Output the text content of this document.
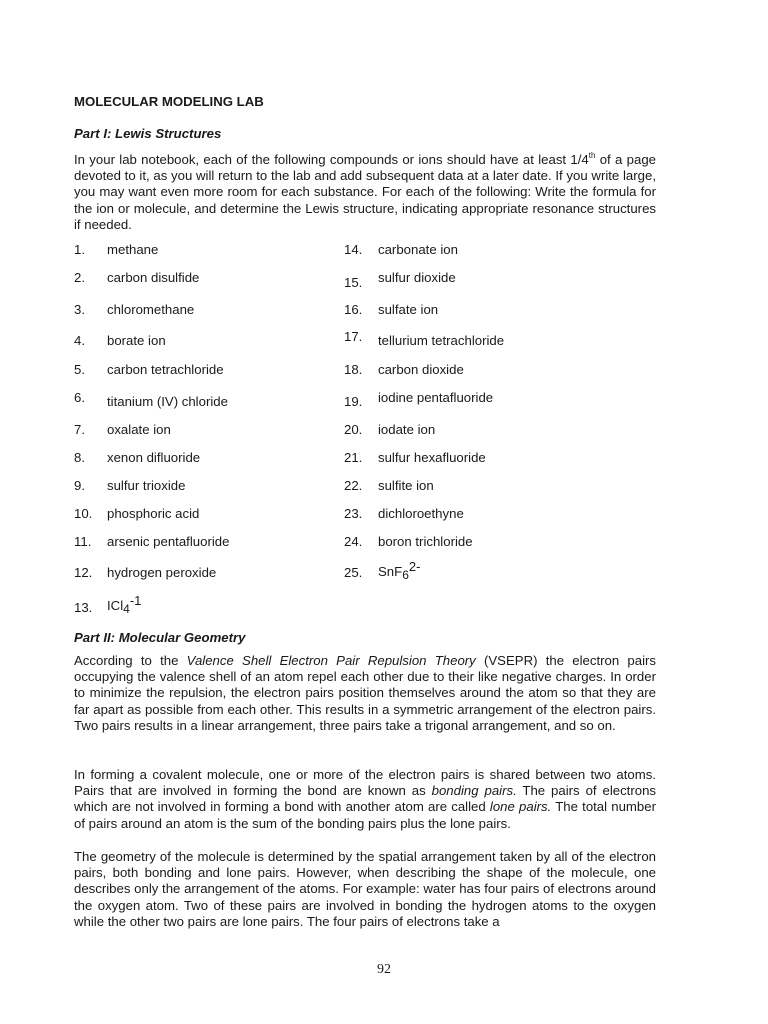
MOLECULAR MODELING LAB
Part I: Lewis Structures
In your lab notebook, each of the following compounds or ions should have at least 1/4th of a page devoted to it, as you will return to the lab and add subsequent data at a later date. If you write large, you may want even more room for each substance. For each of the following: Write the formula for the ion or molecule, and determine the Lewis structure, indicating appropriate resonance structures if needed.
1. methane
2. carbon disulfide
3. chloromethane
4. borate ion
5. carbon tetrachloride
6. titanium (IV) chloride
7. oxalate ion
8. xenon difluoride
9. sulfur trioxide
10. phosphoric acid
11. arsenic pentafluoride
12. hydrogen peroxide
13. ICl4-1
14. carbonate ion
15. sulfur dioxide
16. sulfate ion
17. tellurium tetrachloride
18. carbon dioxide
19. iodine pentafluoride
20. iodate ion
21. sulfur hexafluoride
22. sulfite ion
23. dichloroethyne
24. boron trichloride
25. SnF62-
Part II: Molecular Geometry
According to the Valence Shell Electron Pair Repulsion Theory (VSEPR) the electron pairs occupying the valence shell of an atom repel each other due to their like negative charges. In order to minimize the repulsion, the electron pairs position themselves around the atom so that they are far apart as possible from each other. This results in a symmetric arrangement of the electron pairs. Two pairs results in a linear arrangement, three pairs take a trigonal arrangement, and so on.
In forming a covalent molecule, one or more of the electron pairs is shared between two atoms. Pairs that are involved in forming the bond are known as bonding pairs. The pairs of electrons which are not involved in forming a bond with another atom are called lone pairs. The total number of pairs around an atom is the sum of the bonding pairs plus the lone pairs.
The geometry of the molecule is determined by the spatial arrangement taken by all of the electron pairs, both bonding and lone pairs. However, when describing the shape of the molecule, one describes only the arrangement of the atoms. For example: water has four pairs of electrons around the oxygen atom. Two of these pairs are involved in bonding the hydrogen atoms to the oxygen while the other two pairs are lone pairs. The four pairs of electrons take a
92
